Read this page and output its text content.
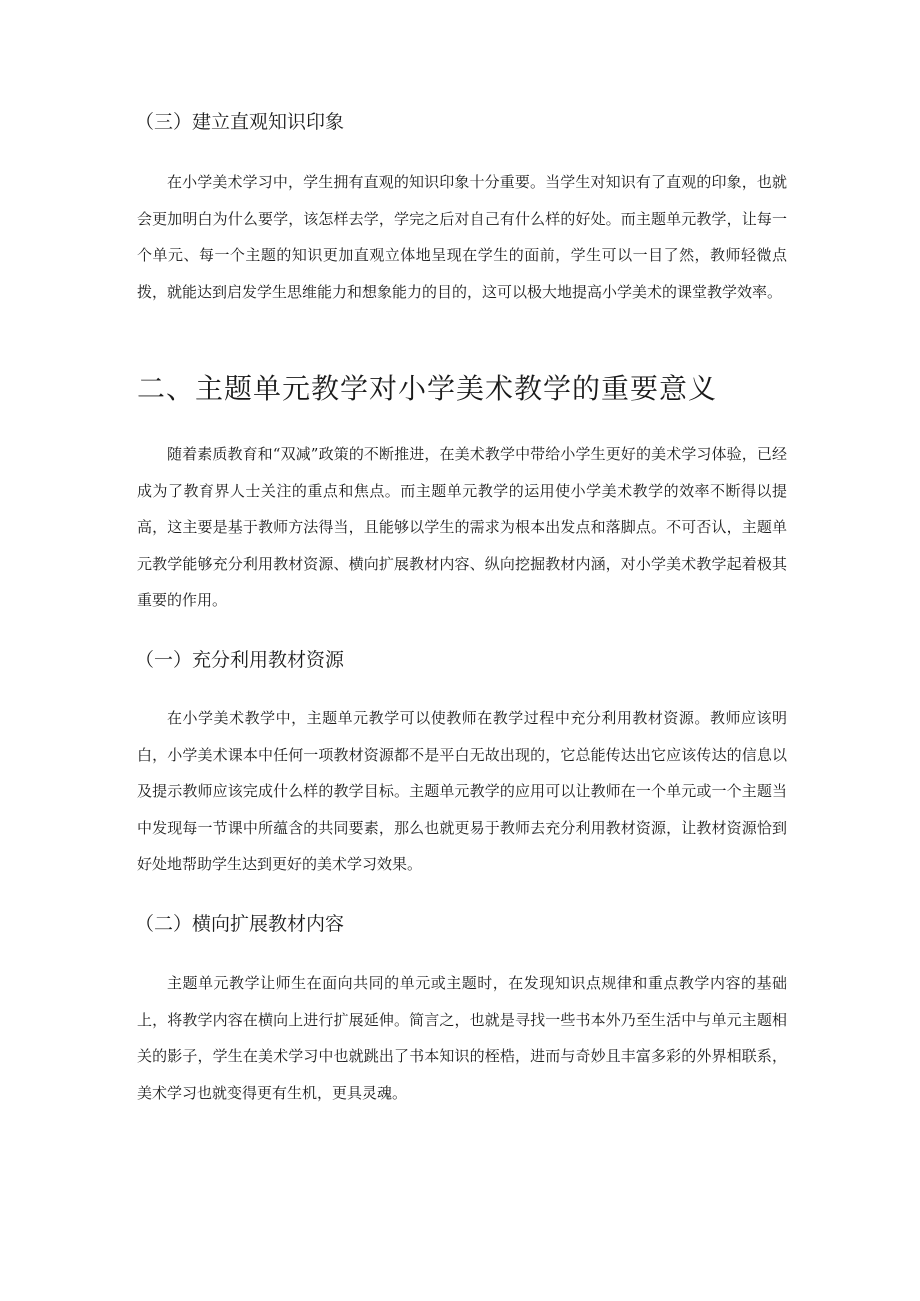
（三）建立直观知识印象

在小学美术学习中，学生拥有直观的知识印象十分重要。当学生对知识有了直观的印象，也就会更加明白为什么要学，该怎样去学，学完之后对自己有什么样的好处。而主题单元教学，让每一个单元、每一个主题的知识更加直观立体地呈现在学生的面前，学生可以一目了然，教师轻微点拨，就能达到启发学生思维能力和想象能力的目的，这可以极大地提高小学美术的课堂教学效率。

二、主题单元教学对小学美术教学的重要意义

随着素质教育和“双减”政策的不断推进，在美术教学中带给小学生更好的美术学习体验，已经成为了教育界人士关注的重点和焦点。而主题单元教学的运用使小学美术教学的效率不断得以提高，这主要是基于教师方法得当，且能够以学生的需求为根本出发点和落脚点。不可否认，主题单元教学能够充分利用教材资源、横向扩展教材内容、纵向挖掘教材内涵，对小学美术教学起着极其重要的作用。

（一）充分利用教材资源

在小学美术教学中，主题单元教学可以使教师在教学过程中充分利用教材资源。教师应该明白，小学美术课本中任何一项教材资源都不是平白无故出现的，它总能传达出它应该传达的信息以及提示教师应该完成什么样的教学目标。主题单元教学的应用可以让教师在一个单元或一个主题当中发现每一节课中所蕴含的共同要素，那么也就更易于教师去充分利用教材资源，让教材资源恰到好处地帮助学生达到更好的美术学习效果。

（二）横向扩展教材内容

主题单元教学让师生在面向共同的单元或主题时，在发现知识点规律和重点教学内容的基础上，将教学内容在横向上进行扩展延伸。简言之，也就是寻找一些书本外乃至生活中与单元主题相关的影子，学生在美术学习中也就跳出了书本知识的桎梏，进而与奇妙且丰富多彩的外界相联系，美术学习也就变得更有生机，更具灵魂。
